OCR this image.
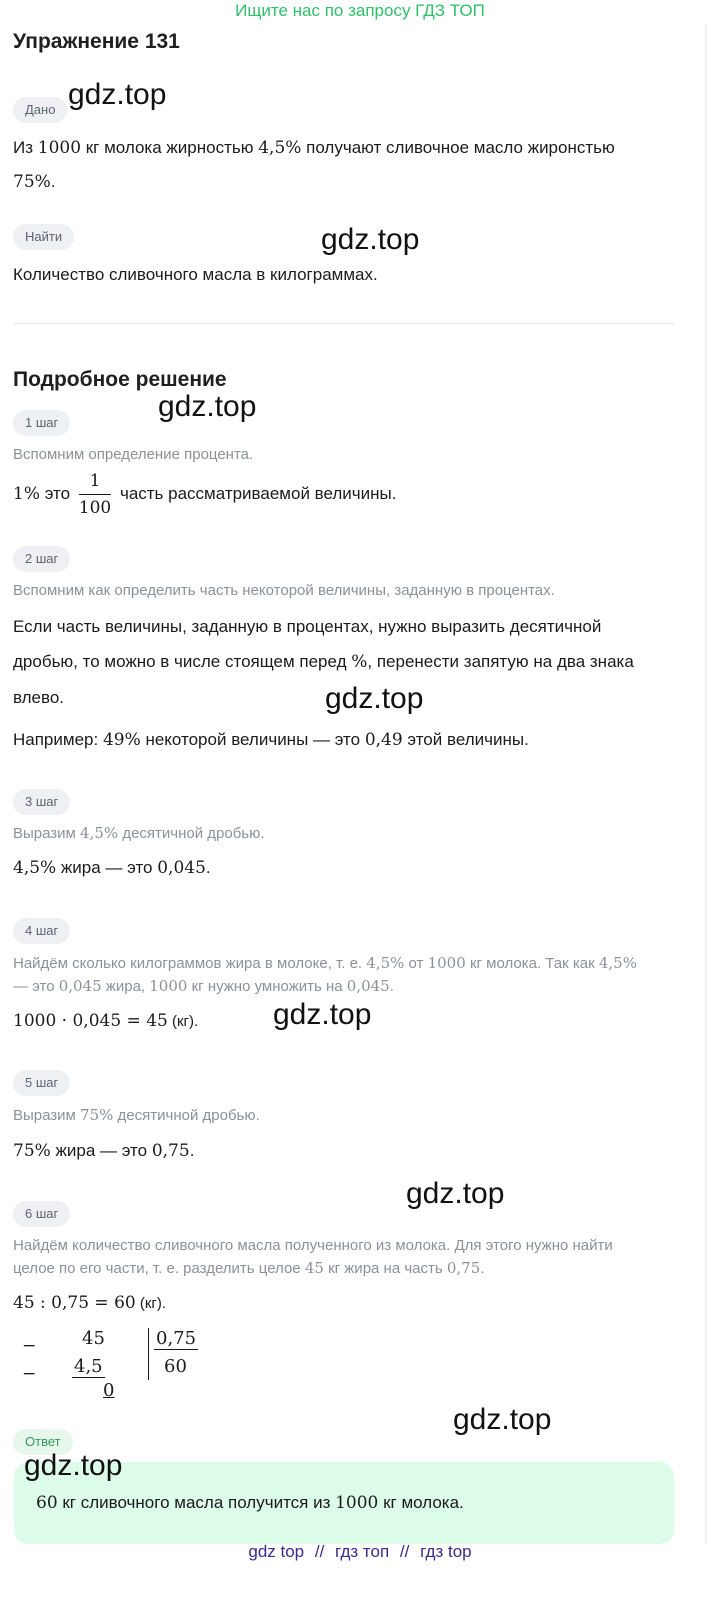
Ищите нас по запросу ГДЗ ТОП
Упражнение 131
Дано gdz.top
Из 1000 кг молока жирностью 4,5% получают сливочное масло жиронстью
75%.
Найти	gdz.top
Количество сливочного масла в килограммах.
Подробное решение
1 шаг	gdz.top
Вспомним определение процента.
1% это $\frac{1}{100}$ часть рассматриваемой величины.
2 шаг
Вспомним как определить часть некоторой величины, заданную в процентах.
Если часть величины, заданную в процентах, нужно выразить десятичной
дробью, то можно в числе стоящем перед %, перенести запятую на два знака
влево.	gdz.top
Например: 49% некоторой величины — это 0,49 этой величины.
3 шаг
Выразим 4,5% десятичной дробью.
4,5% жира — это 0,045.
4 шаг
Найдём сколько килограммов жира в молоке, т. е. 4,5% от 1000 кг молока. Так как 4,5%
— это 0,045 жира, 1000 кг нужно умножить на 0,045.
1000 · 0,045 = 45 (кг). gdz.top
5 шаг
Выразим 75% десятичной дробью.
75% жира — это 0,75.
gdz.top
6 шаг
Найдём количество сливочного масла полученного из молока. Для этого нужно найти
целое по его части, т. е. разделить целое 45 кг жира на часть 0,75.
45 : 0,75 = 60 (кг).
−
−
45
4,5
0
0,75
60
gdz.top
Ответ
gdz.top
60 кг сливочного масла получится из 1000 кг молока.
gdz top // гдз топ // гдз top
